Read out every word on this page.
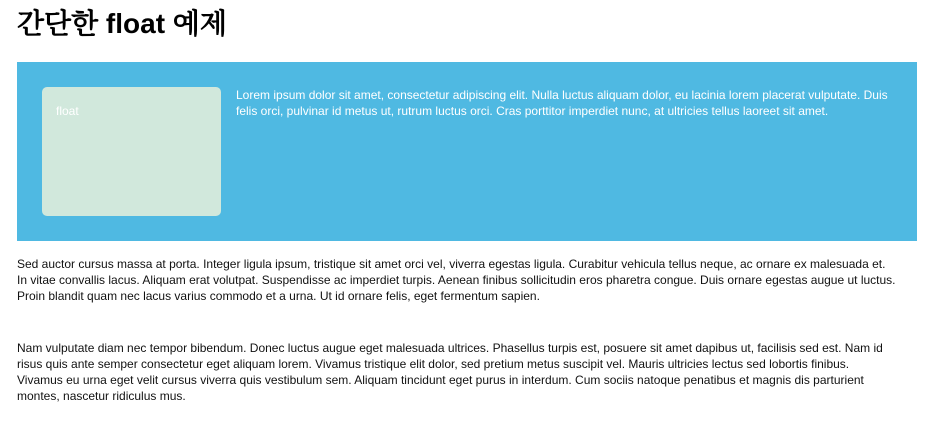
간단한 float 예제
float

Lorem ipsum dolor sit amet, consectetur adipiscing elit. Nulla luctus aliquam dolor, eu lacinia lorem placerat vulputate. Duis felis orci, pulvinar id metus ut, rutrum luctus orci. Cras porttitor imperdiet nunc, at ultricies tellus laoreet sit amet.

Sed auctor cursus massa at porta. Integer ligula ipsum, tristique sit amet orci vel, viverra egestas ligula. Curabitur vehicula tellus neque, ac ornare ex malesuada et. In vitae convallis lacus. Aliquam erat volutpat. Suspendisse ac imperdiet turpis. Aenean finibus sollicitudin eros pharetra congue. Duis ornare egestas augue ut luctus. Proin blandit quam nec lacus varius commodo et a urna. Ut id ornare felis, eget fermentum sapien.

Nam vulputate diam nec tempor bibendum. Donec luctus augue eget malesuada ultrices. Phasellus turpis est, posuere sit amet dapibus ut, facilisis sed est. Nam id risus quis ante semper consectetur eget aliquam lorem. Vivamus tristique elit dolor, sed pretium metus suscipit vel. Mauris ultricies lectus sed lobortis finibus. Vivamus eu urna eget velit cursus viverra quis vestibulum sem. Aliquam tincidunt eget purus in interdum. Cum sociis natoque penatibus et magnis dis parturient montes, nascetur ridiculus mus.
